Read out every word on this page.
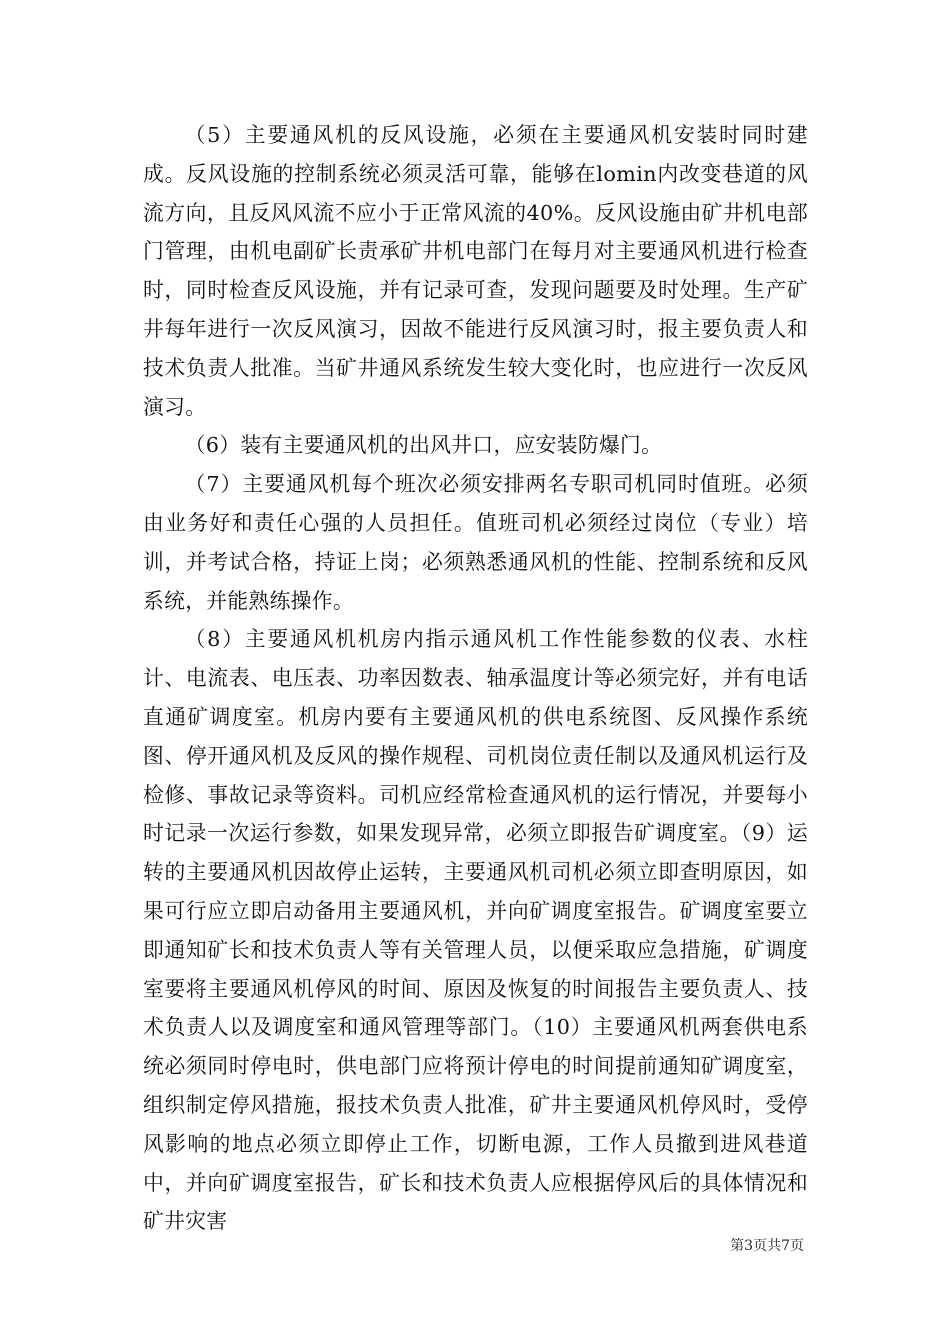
（5）主要通风机的反风设施，必须在主要通风机安装时同时建成。反风设施的控制系统必须灵活可靠，能够在lomin内改变巷道的风流方向，且反风风流不应小于正常风流的40%。反风设施由矿井机电部门管理，由机电副矿长责承矿井机电部门在每月对主要通风机进行检查时，同时检查反风设施，并有记录可查，发现问题要及时处理。生产矿井每年进行一次反风演习，因故不能进行反风演习时，报主要负责人和技术负责人批准。当矿井通风系统发生较大变化时，也应进行一次反风演习。

（6）装有主要通风机的出风井口，应安装防爆门。

（7）主要通风机每个班次必须安排两名专职司机同时值班。必须由业务好和责任心强的人员担任。值班司机必须经过岗位（专业）培训，并考试合格，持证上岗；必须熟悉通风机的性能、控制系统和反风系统，并能熟练操作。

（8）主要通风机机房内指示通风机工作性能参数的仪表、水柱计、电流表、电压表、功率因数表、轴承温度计等必须完好，并有电话直通矿调度室。机房内要有主要通风机的供电系统图、反风操作系统图、停开通风机及反风的操作规程、司机岗位责任制以及通风机运行及检修、事故记录等资料。司机应经常检查通风机的运行情况，并要每小时记录一次运行参数，如果发现异常，必须立即报告矿调度室。（9）运转的主要通风机因故停止运转，主要通风机司机必须立即查明原因，如果可行应立即启动备用主要通风机，并向矿调度室报告。矿调度室要立即通知矿长和技术负责人等有关管理人员，以便采取应急措施，矿调度室要将主要通风机停风的时间、原因及恢复的时间报告主要负责人、技术负责人以及调度室和通风管理等部门。（10）主要通风机两套供电系统必须同时停电时，供电部门应将预计停电的时间提前通知矿调度室，组织制定停风措施，报技术负责人批准，矿井主要通风机停风时，受停风影响的地点必须立即停止工作，切断电源，工作人员撤到进风巷道中，并向矿调度室报告，矿长和技术负责人应根据停风后的具体情况和矿井灾害

第3页共7页
